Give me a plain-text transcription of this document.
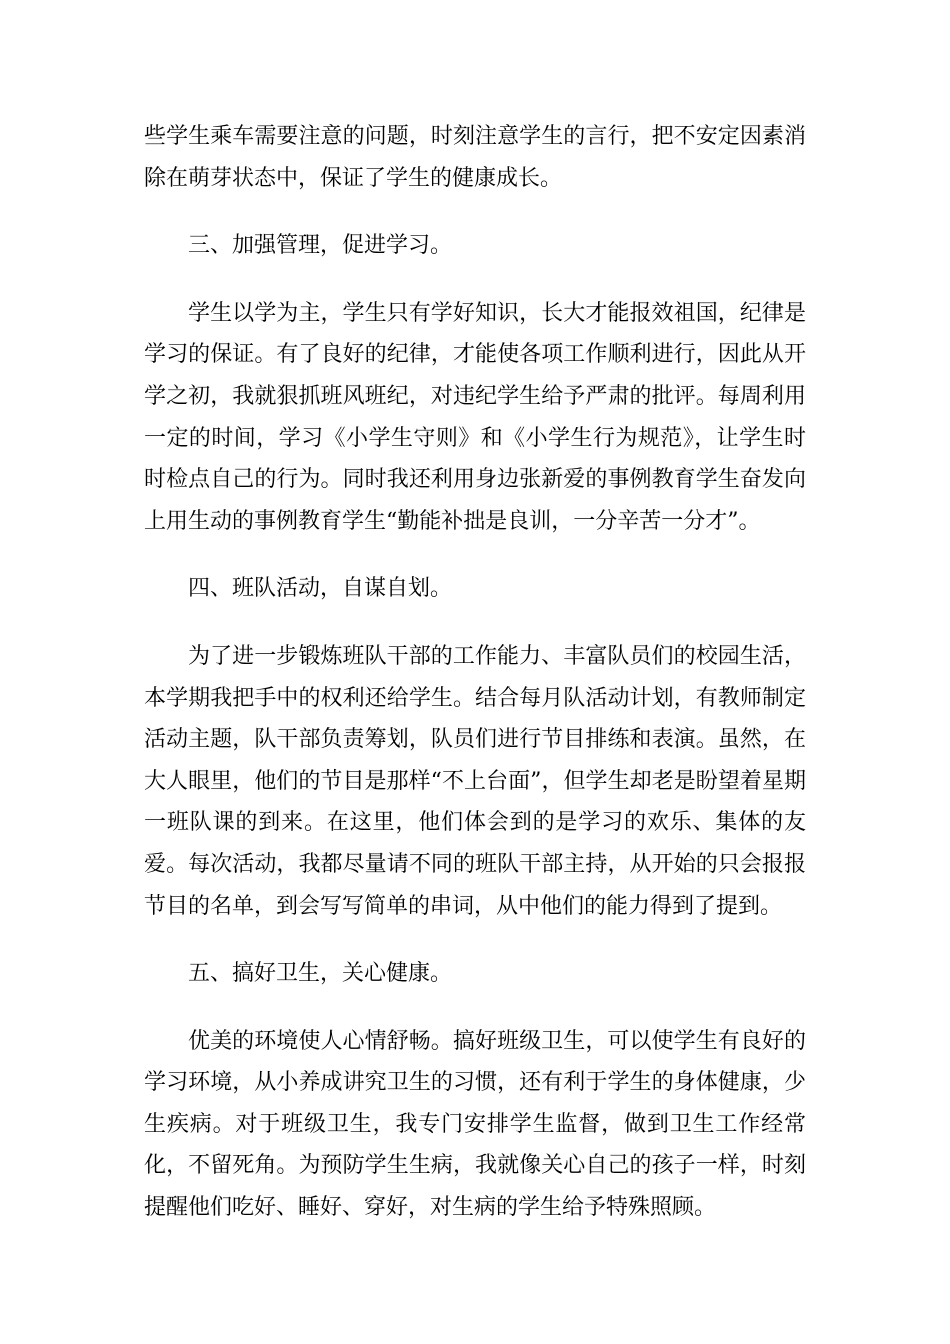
些学生乘车需要注意的问题，时刻注意学生的言行，把不安定因素消除在萌芽状态中，保证了学生的健康成长。

三、加强管理，促进学习。

学生以学为主，学生只有学好知识，长大才能报效祖国，纪律是学习的保证。有了良好的纪律，才能使各项工作顺利进行，因此从开学之初，我就狠抓班风班纪，对违纪学生给予严肃的批评。每周利用一定的时间，学习《小学生守则》和《小学生行为规范》，让学生时时检点自己的行为。同时我还利用身边张新爱的事例教育学生奋发向上用生动的事例教育学生“勤能补拙是良训，一分辛苦一分才”。

四、班队活动，自谋自划。

为了进一步锻炼班队干部的工作能力、丰富队员们的校园生活，本学期我把手中的权利还给学生。结合每月队活动计划，有教师制定活动主题，队干部负责筹划，队员们进行节目排练和表演。虽然，在大人眼里，他们的节目是那样“不上台面”，但学生却老是盼望着星期一班队课的到来。在这里，他们体会到的是学习的欢乐、集体的友爱。每次活动，我都尽量请不同的班队干部主持，从开始的只会报报节目的名单，到会写写简单的串词，从中他们的能力得到了提到。

五、搞好卫生，关心健康。

优美的环境使人心情舒畅。搞好班级卫生，可以使学生有良好的学习环境，从小养成讲究卫生的习惯，还有利于学生的身体健康，少生疾病。对于班级卫生，我专门安排学生监督，做到卫生工作经常化，不留死角。为预防学生生病，我就像关心自己的孩子一样，时刻提醒他们吃好、睡好、穿好，对生病的学生给予特殊照顾。
